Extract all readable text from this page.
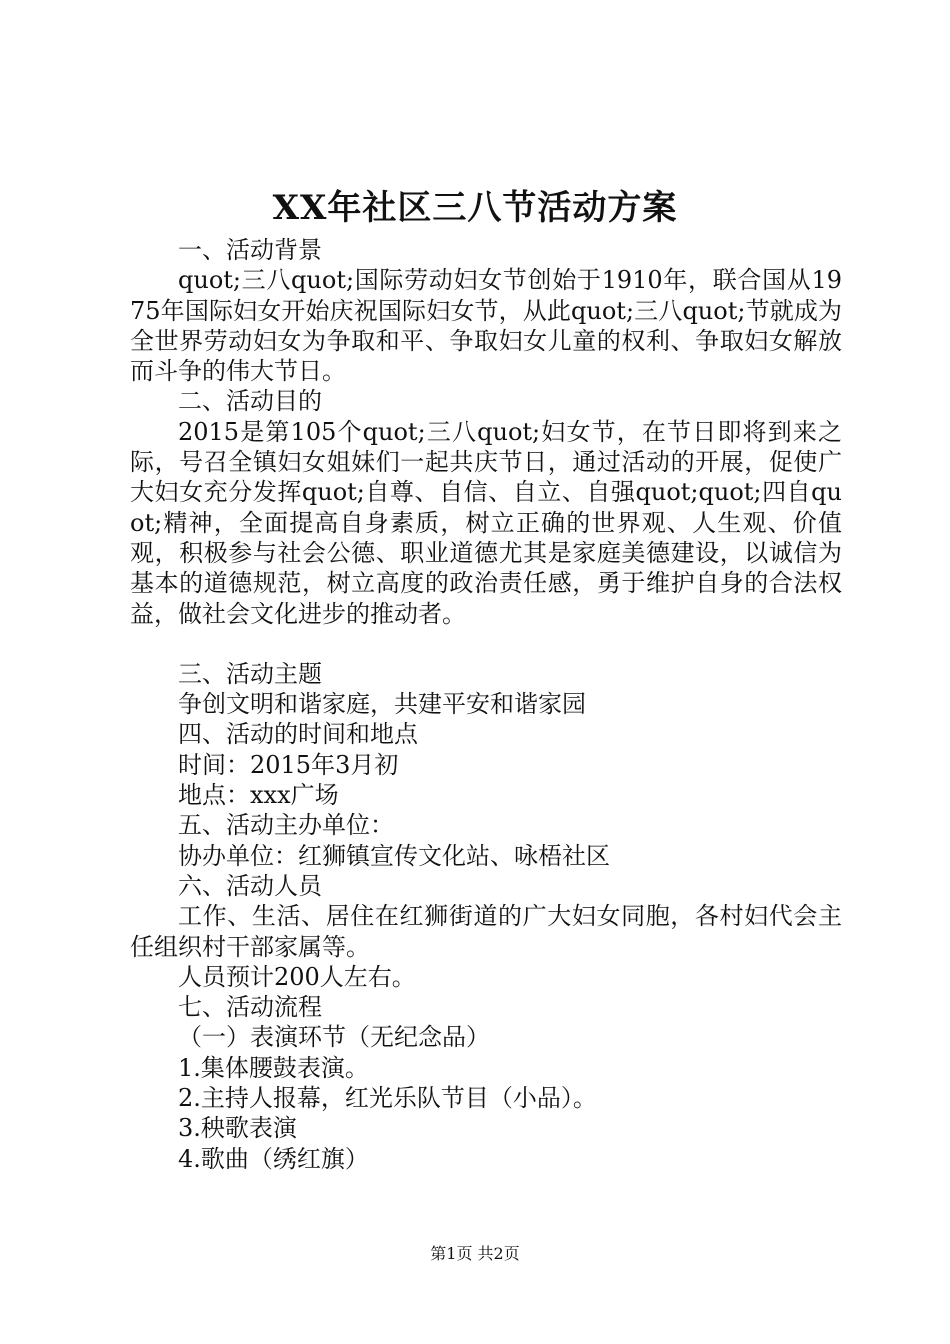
XX年社区三八节活动方案

一、活动背景

quot;三八quot;国际劳动妇女节创始于1910年，联合国从1975年国际妇女开始庆祝国际妇女节，从此quot;三八quot;节就成为全世界劳动妇女为争取和平、争取妇女儿童的权利、争取妇女解放而斗争的伟大节日。

二、活动目的

2015是第105个quot;三八quot;妇女节，在节日即将到来之际，号召全镇妇女姐妹们一起共庆节日，通过活动的开展，促使广大妇女充分发挥quot;自尊、自信、自立、自强quot;quot;四自quot;精神，全面提高自身素质，树立正确的世界观、人生观、价值观，积极参与社会公德、职业道德尤其是家庭美德建设，以诚信为基本的道德规范，树立高度的政治责任感，勇于维护自身的合法权益，做社会文化进步的推动者。

三、活动主题

争创文明和谐家庭，共建平安和谐家园

四、活动的时间和地点

时间：2015年3月初

地点：xxx广场

五、活动主办单位：

协办单位：红狮镇宣传文化站、咏梧社区

六、活动人员

工作、生活、居住在红狮街道的广大妇女同胞，各村妇代会主任组织村干部家属等。

人员预计200人左右。

七、活动流程

（一）表演环节（无纪念品）

1.集体腰鼓表演。

2.主持人报幕，红光乐队节目（小品）。

3.秧歌表演

4.歌曲（绣红旗）

第1页 共2页
